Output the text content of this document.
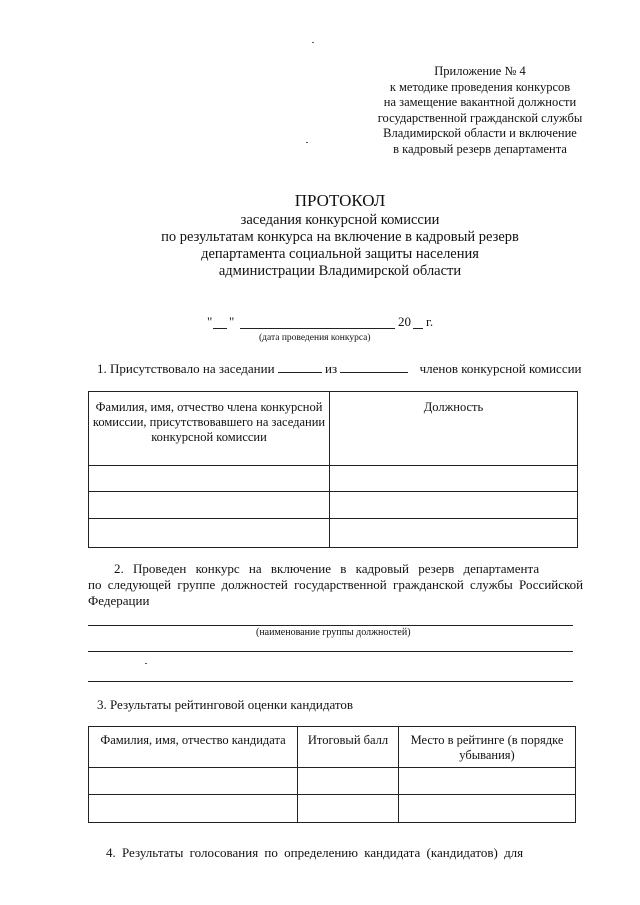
Приложение № 4
к методике проведения конкурсов
на замещение вакантной должности
государственной гражданской службы
Владимирской области и включение
в кадровый резерв департамента
ПРОТОКОЛ
заседания конкурсной комиссии
по результатам конкурса на включение в кадровый резерв
департамента социальной защиты населения
администрации Владимирской области
" "	20 г.
(дата проведения конкурса)
1. Присутствовало на заседании	из	членов конкурсной комиссии
Фамилия, имя, отчество члена конкурсной комиссии, присутствовавшего на заседании конкурсной комиссии	Должность

2. Проведен конкурс на включение в кадровый резерв департамента
по следующей группе должностей государственной гражданской службы Российской
Федерации
(наименование группы должностей)
3. Результаты рейтинговой оценки кандидатов
Фамилия, имя, отчество кандидата	Итоговый балл	Место в рейтинге (в порядке убывания)

4. Результаты голосования по определению кандидата (кандидатов) для
